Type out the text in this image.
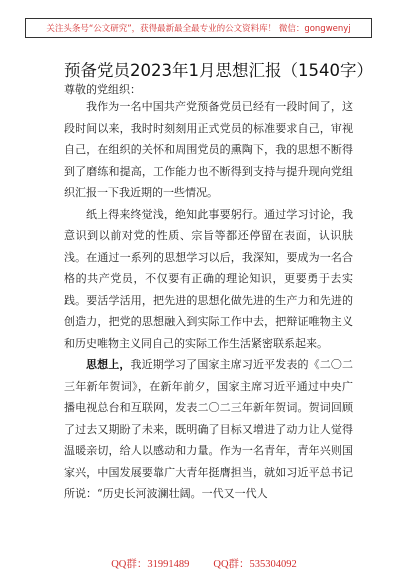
关注头条号“公文研究”，获得最新最全最专业的公文资料库！ 微信：gongwenyj
预备党员2023年1月思想汇报（1540字）
尊敬的党组织：

我作为一名中国共产党预备党员已经有一段时间了，这段时间以来，我时时刻刻用正式党员的标准要求自己，审视自己，在组织的关怀和周围党员的熏陶下，我的思想不断得到了磨练和提高，工作能力也不断得到支持与提升现向党组织汇报一下我近期的一些情况。

纸上得来终觉浅，绝知此事要躬行。通过学习讨论，我意识到以前对党的性质、宗旨等都还停留在表面，认识肤浅。在通过一系列的思想学习以后，我深知，要成为一名合格的共产党员，不仅要有正确的理论知识，更要勇于去实践。要活学活用，把先进的思想化做先进的生产力和先进的创造力，把党的思想融入到实际工作中去，把辩证唯物主义和历史唯物主义同自己的实际工作生活紧密联系起来。

思想上，我近期学习了国家主席习近平发表的《二〇二三年新年贺词》，在新年前夕，国家主席习近平通过中央广播电视总台和互联网，发表二〇二三年新年贺词。贺词回顾了过去又期盼了未来，既明确了目标又增进了动力让人觉得温暖亲切，给人以感动和力量。作为一名青年，青年兴则国家兴，中国发展要靠广大青年挺膺担当，就如习近平总书记所说：“历史长河波澜壮阔。一代又一代人

QQ群：31991489 QQ群：535304092
